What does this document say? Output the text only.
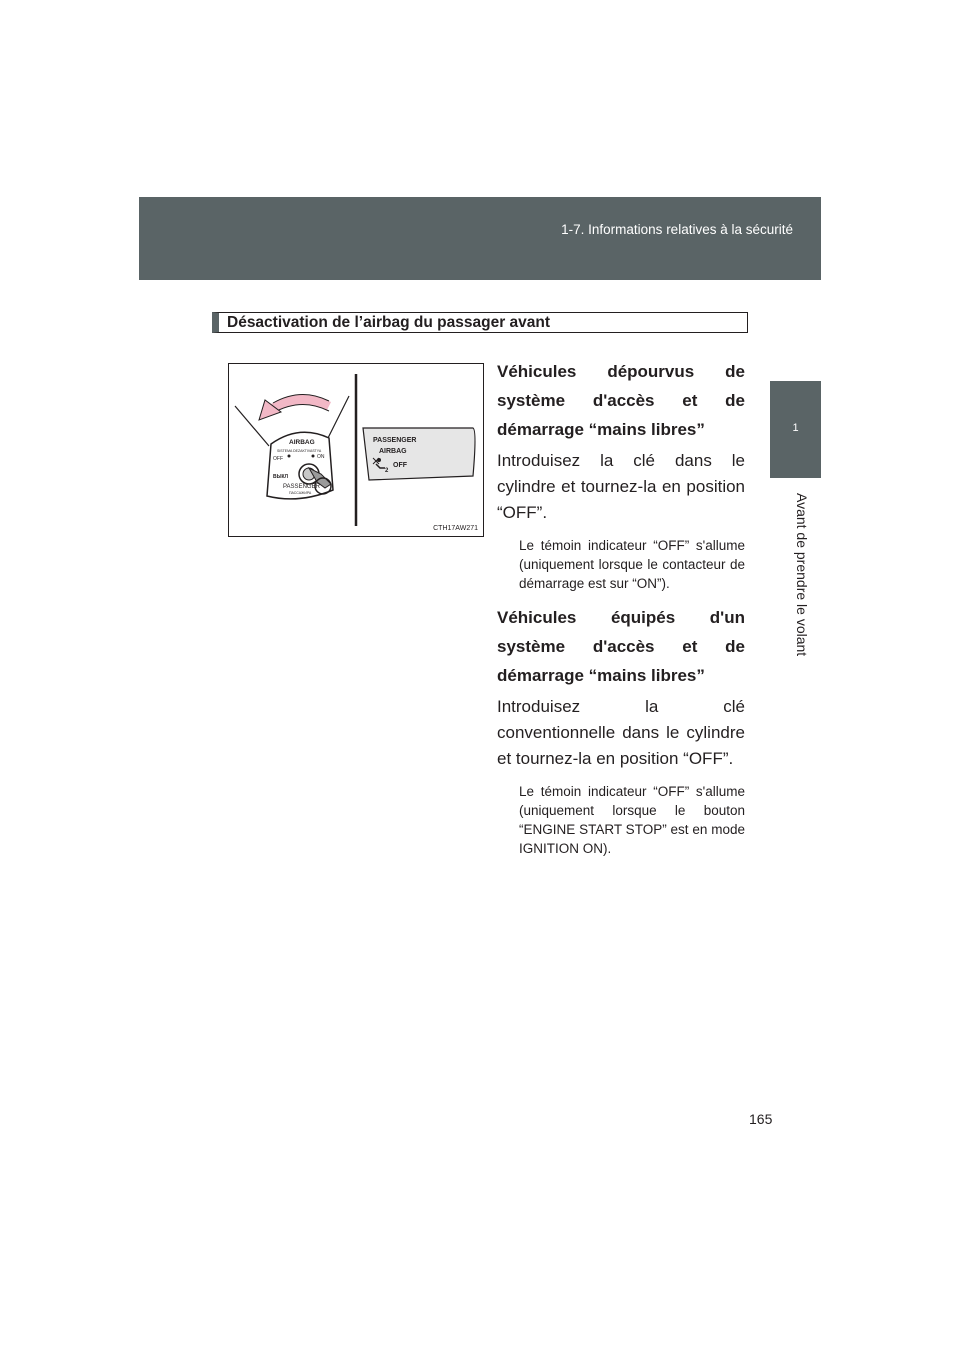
1-7. Informations relatives à la sécurité
1
Avant de prendre le volant
Désactivation de l’airbag du passager avant
AIRBAG
SISTEMA DEZAKTIVASTYA
OFF	ON
ВЫКЛ
PASSENGER
ПАССАЖИРА
PASSENGER
AIRBAG
OFF
2
CTH17AW271
Véhicules dépourvus de système d'accès et de démarrage “mains libres”
Introduisez la clé dans le cylindre et tournez-la en position “OFF”.
Le témoin indicateur “OFF” s'allume (uniquement lorsque le contacteur de démarrage est sur “ON”).
Véhicules équipés d'un système d'accès et de démarrage “mains libres”
Introduisez la clé conventionnelle dans le cylindre et tournez-la en position “OFF”.
Le témoin indicateur “OFF” s'allume (uniquement lorsque le bouton “ENGINE START STOP” est en mode IGNITION ON).
165
